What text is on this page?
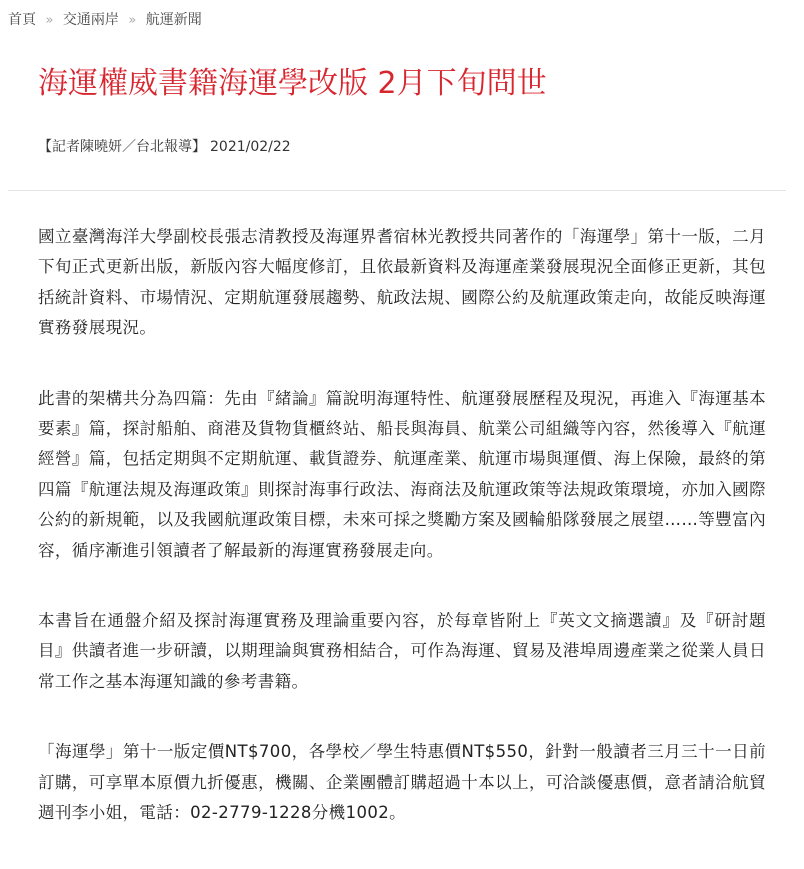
首頁 » 交通兩岸 » 航運新聞
海運權威書籍海運學改版 2月下旬問世
【記者陳曉妍／台北報導】 2021/02/22

國立臺灣海洋大學副校長張志清教授及海運界耆宿林光教授共同著作的「海運學」第十一版，二月下旬正式更新出版，新版內容大幅度修訂，且依最新資料及海運產業發展現況全面修正更新，其包括統計資料、市場情況、定期航運發展趨勢、航政法規、國際公約及航運政策走向，故能反映海運實務發展現況。

此書的架構共分為四篇：先由『緒論』篇說明海運特性、航運發展歷程及現況，再進入『海運基本要素』篇，探討船舶、商港及貨物貨櫃終站、船長與海員、航業公司組織等內容，然後導入『航運經營』篇，包括定期與不定期航運、載貨證券、航運產業、航運市場與運價、海上保險，最終的第四篇『航運法規及海運政策』則探討海事行政法、海商法及航運政策等法規政策環境，亦加入國際公約的新規範，以及我國航運政策目標，未來可採之獎勵方案及國輪船隊發展之展望……等豐富內容，循序漸進引領讀者了解最新的海運實務發展走向。

本書旨在通盤介紹及探討海運實務及理論重要內容，於每章皆附上『英文文摘選讀』及『研討題目』供讀者進一步研讀，以期理論與實務相結合，可作為海運、貿易及港埠周邊產業之從業人員日常工作之基本海運知識的參考書籍。

「海運學」第十一版定價NT$700，各學校／學生特惠價NT$550，針對一般讀者三月三十一日前訂購，可享單本原價九折優惠，機關、企業團體訂購超過十本以上，可洽談優惠價，意者請洽航貿週刊李小姐，電話：02-2779-1228分機1002。
